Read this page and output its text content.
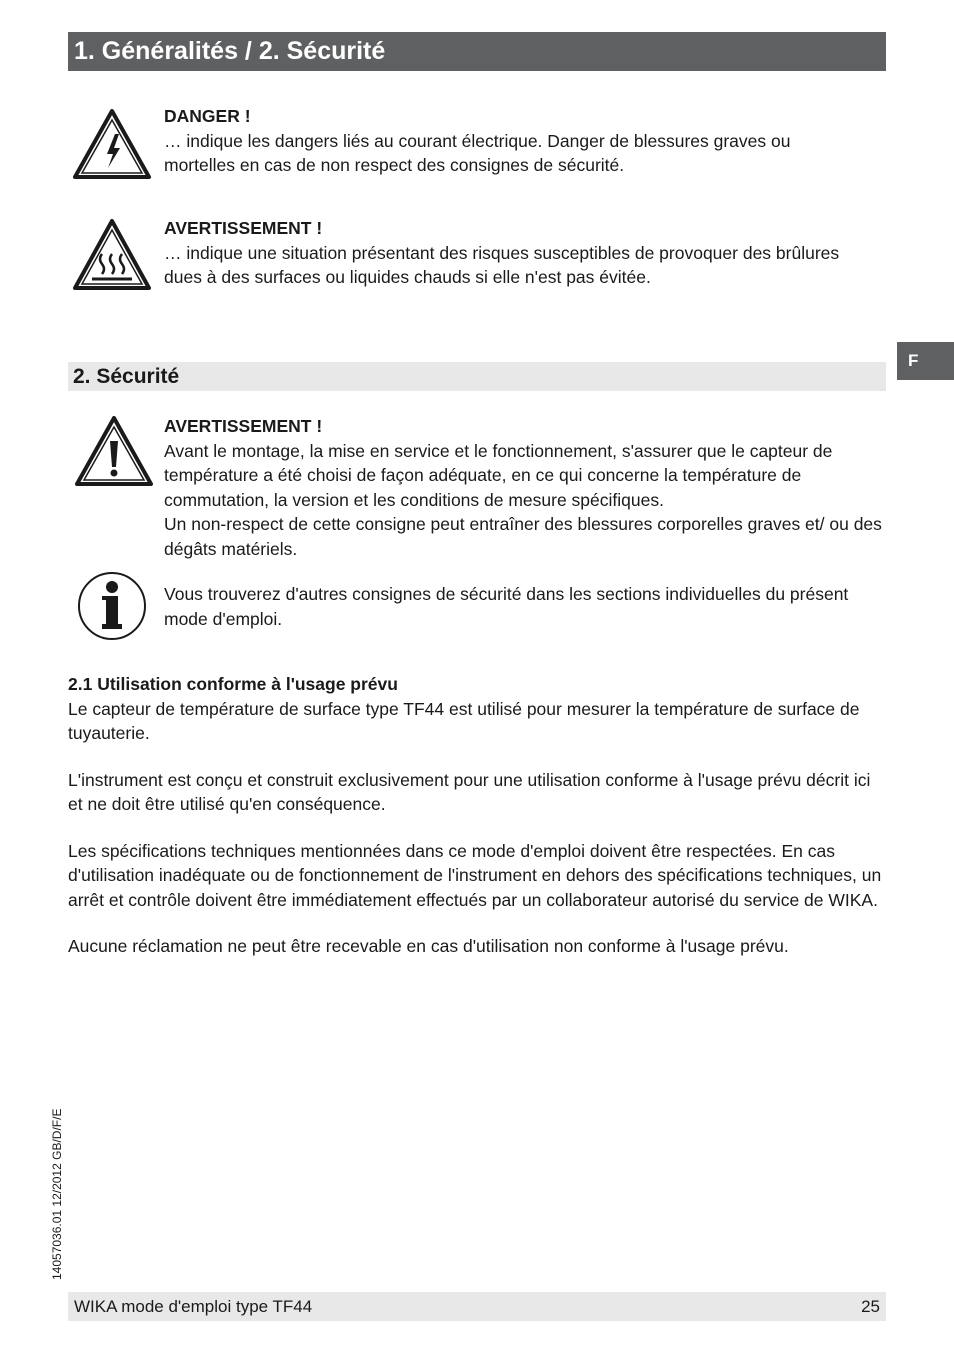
1. Généralités / 2. Sécurité
F
DANGER !
… indique les dangers liés au courant électrique. Danger de blessures graves ou mortelles en cas de non respect des consignes de sécurité.
AVERTISSEMENT !
… indique une situation présentant des risques susceptibles de provoquer des brûlures dues à des surfaces ou liquides chauds si elle n'est pas évitée.
2. Sécurité
AVERTISSEMENT !
Avant le montage, la mise en service et le fonctionnement, s'assurer que le capteur de température a été choisi de façon adéquate, en ce qui concerne la température de commutation, la version et les conditions de mesure spécifiques.
Un non-respect de cette consigne peut entraîner des blessures corporelles graves et/ ou des dégâts matériels.
Vous trouverez d'autres consignes de sécurité dans les sections individuelles du présent mode d'emploi.
2.1 Utilisation conforme à l'usage prévu
Le capteur de température de surface type TF44 est utilisé pour mesurer la température de surface de tuyauterie.
L'instrument est conçu et construit exclusivement pour une utilisation conforme à l'usage prévu décrit ici et ne doit être utilisé qu'en conséquence.
Les spécifications techniques mentionnées dans ce mode d'emploi doivent être respectées. En cas d'utilisation inadéquate ou de fonctionnement de l'instrument en dehors des spécifications techniques, un arrêt et contrôle doivent être immédiatement effectués par un collaborateur autorisé du service de WIKA.
Aucune réclamation ne peut être recevable en cas d'utilisation non conforme à l'usage prévu.
14057036.01 12/2012 GB/D/F/E
WIKA mode d'emploi type TF44	25
